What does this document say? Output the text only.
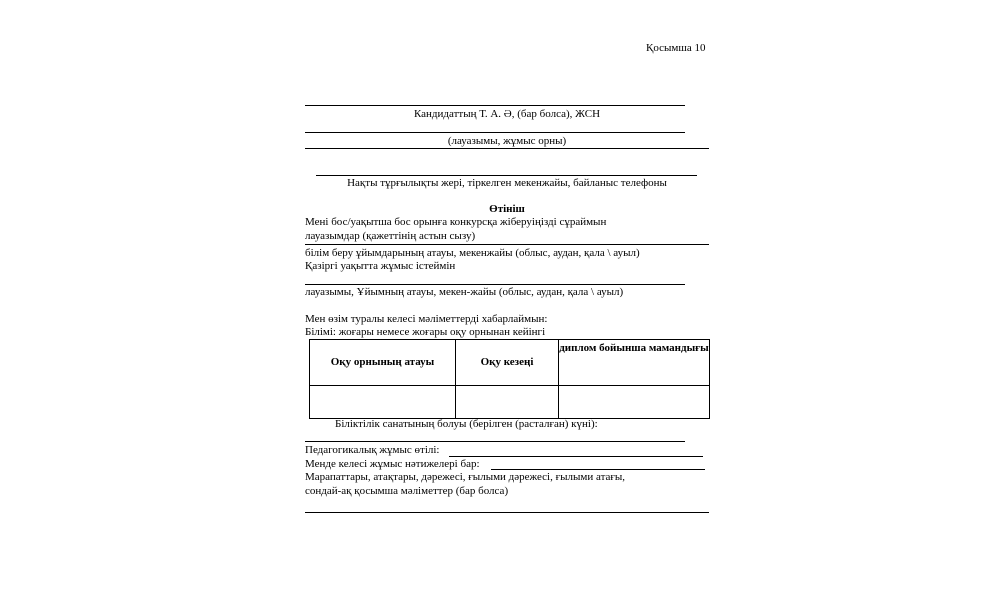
Қосымша 10
Кандидаттың Т. А. Ә, (бар болса), ЖСН
(лауазымы, жұмыс орны)
Нақты тұрғылықты жері, тіркелген мекенжайы, байланыс телефоны
Өтініш
Мені бос/уақытша бос орынға конкурсқа жіберуіңізді сұраймын
лауазымдар (қажеттінің астын сызу)
білім беру ұйымдарының атауы, мекенжайы (облыс, аудан, қала \ ауыл)
Қазіргі уақытта жұмыс істеймін
лауазымы, Ұйымның атауы, мекен-жайы (облыс, аудан, қала \ ауыл)
Мен өзім туралы келесі мәліметтерді хабарлаймын:
Білімі: жоғары немесе жоғары оқу орнынан кейінгі
Оқу орнының атауы	Оқу кезеңі	диплом бойынша мамандығы

Біліктілік санатының болуы (берілген (расталған) күні):
Педагогикалық жұмыс өтілі:
Менде келесі жұмыс нәтижелері бар:
Марапаттары, атақтары, дәрежесі, ғылыми дәрежесі, ғылыми атағы,
сондай-ақ қосымша мәліметтер (бар болса)
